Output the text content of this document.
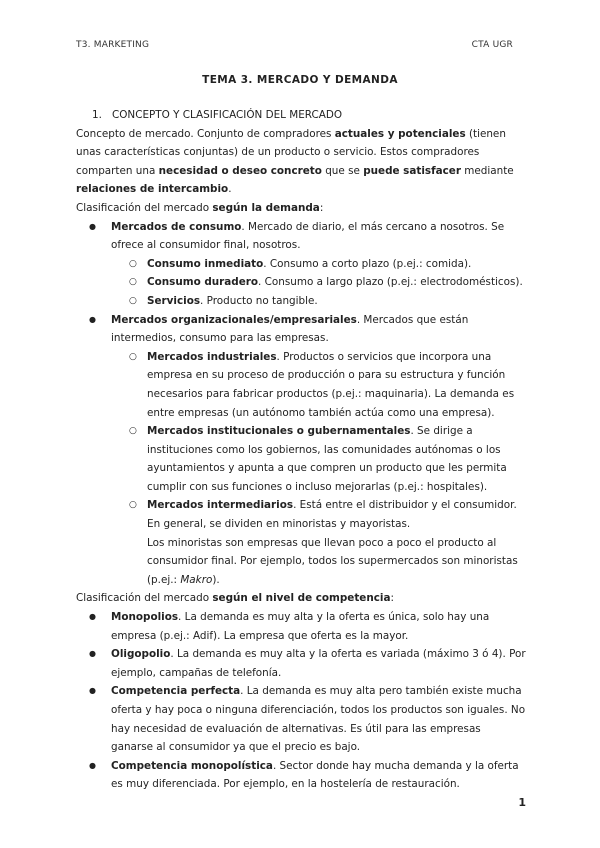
T3. MARKETING	CTA UGR
TEMA 3. MERCADO Y DEMANDA
1. CONCEPTO Y CLASIFICACIÓN DEL MERCADO

Concepto de mercado. Conjunto de compradores actuales y potenciales (tienen unas características conjuntas) de un producto o servicio. Estos compradores comparten una necesidad o deseo concreto que se puede satisfacer mediante relaciones de intercambio.

Clasificación del mercado según la demanda:

● Mercados de consumo. Mercado de diario, el más cercano a nosotros. Se ofrece al consumidor final, nosotros.
○ Consumo inmediato. Consumo a corto plazo (p.ej.: comida).
○ Consumo duradero. Consumo a largo plazo (p.ej.: electrodomésticos).
○ Servicios. Producto no tangible.
● Mercados organizacionales/empresariales. Mercados que están intermedios, consumo para las empresas.
○ Mercados industriales. Productos o servicios que incorpora una empresa en su proceso de producción o para su estructura y función necesarios para fabricar productos (p.ej.: maquinaria). La demanda es entre empresas (un autónomo también actúa como una empresa).
○ Mercados institucionales o gubernamentales. Se dirige a instituciones como los gobiernos, las comunidades autónomas o los ayuntamientos y apunta a que compren un producto que les permita cumplir con sus funciones o incluso mejorarlas (p.ej.: hospitales).
○ Mercados intermediarios. Está entre el distribuidor y el consumidor. En general, se dividen en minoristas y mayoristas.
Los minoristas son empresas que llevan poco a poco el producto al consumidor final. Por ejemplo, todos los supermercados son minoristas (p.ej.: Makro).

Clasificación del mercado según el nivel de competencia:

● Monopolios. La demanda es muy alta y la oferta es única, solo hay una empresa (p.ej.: Adif). La empresa que oferta es la mayor.
● Oligopolio. La demanda es muy alta y la oferta es variada (máximo 3 ó 4). Por ejemplo, campañas de telefonía.
● Competencia perfecta. La demanda es muy alta pero también existe mucha oferta y hay poca o ninguna diferenciación, todos los productos son iguales. No hay necesidad de evaluación de alternativas. Es útil para las empresas ganarse al consumidor ya que el precio es bajo.
● Competencia monopolística. Sector donde hay mucha demanda y la oferta es muy diferenciada. Por ejemplo, en la hostelería de restauración.
1
